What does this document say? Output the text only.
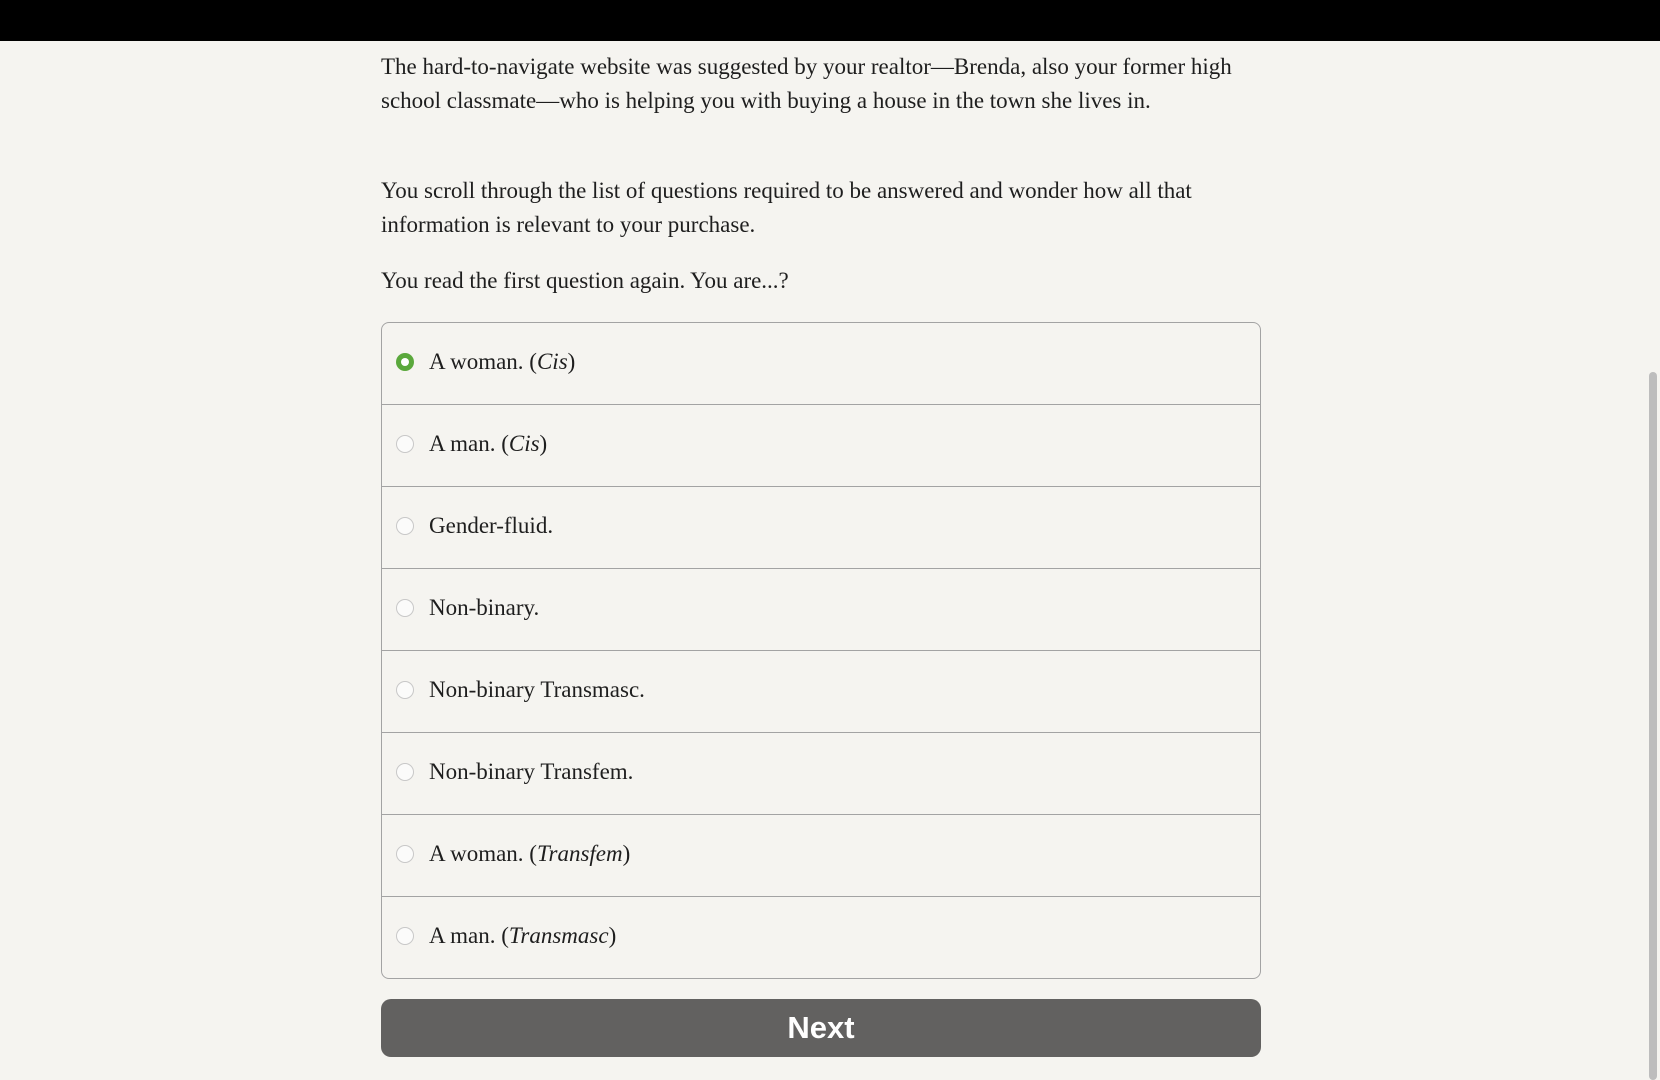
The hard-to-navigate website was suggested by your realtor—Brenda, also your former high school classmate—who is helping you with buying a house in the town she lives in.

You scroll through the list of questions required to be answered and wonder how all that information is relevant to your purchase.

You read the first question again. You are...?

A woman. (Cis)
A man. (Cis)
Gender-fluid.
Non-binary.
Non-binary Transmasc.
Non-binary Transfem.
A woman. (Transfem)
A man. (Transmasc)
Next
